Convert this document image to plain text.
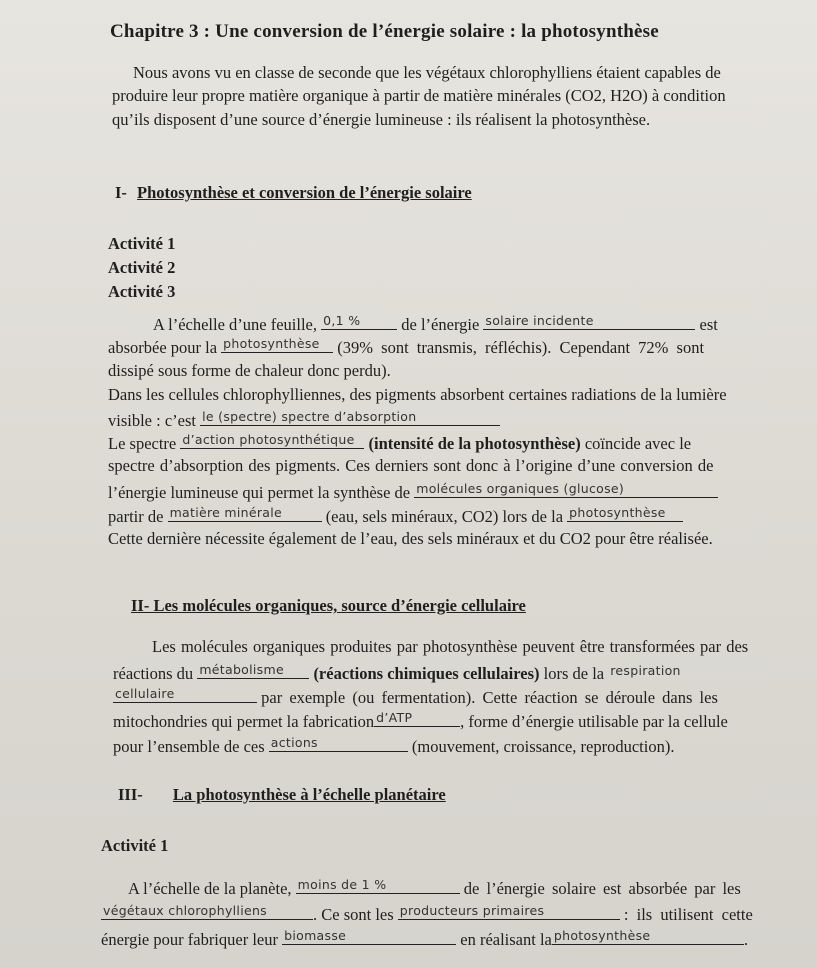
Chapitre 3 : Une conversion de l’énergie solaire : la photosynthèse
Nous avons vu en classe de seconde que les végétaux chlorophylliens étaient capables de
produire leur propre matière organique à partir de matière minérales (CO2, H2O) à condition
qu’ils disposent d’une source d’énergie lumineuse : ils réalisent la photosynthèse.
I- Photosynthèse et conversion de l’énergie solaire
Activité 1
Activité 2
Activité 3
A l’échelle d’une feuille, 0,1 % de l’énergie solaire incidente	est
absorbée pour la photosynthèse (39% sont transmis, réfléchis). Cependant 72% sont
dissipé sous forme de chaleur donc perdu).
Dans les cellules chlorophylliennes, des pigments absorbent certaines radiations de la lumière
visible : c’est le (spectre) spectre d’absorption
Le spectre d’action photosynthétique (intensité de la photosynthèse) coïncide avec le
spectre d’absorption des pigments. Ces derniers sont donc à l’origine d’une conversion de
l’énergie lumineuse qui permet la synthèse de molécules organiques (glucose)
partir de matière minérale	(eau, sels minéraux, CO2) lors de la photosynthèse
Cette dernière nécessite également de l’eau, des sels minéraux et du CO2 pour être réalisée.
II- Les molécules organiques, source d’énergie cellulaire
Les molécules organiques produites par photosynthèse peuvent être transformées par des
réactions du métabolisme (réactions chimiques cellulaires) lors de la respiration
cellulaire	par exemple (ou fermentation). Cette réaction se déroule dans les
mitochondries qui permet la fabrication d’ATP	, forme d’énergie utilisable par la cellule
pour l’ensemble de ces actions	(mouvement, croissance, reproduction).
III- La photosynthèse à l’échelle planétaire
Activité 1
A l’échelle de la planète, moins de 1 %	de l’énergie solaire est absorbée par les
végétaux chlorophylliens	. Ce sont les producteurs primaires	: ils utilisent cette
énergie pour fabriquer leur biomasse	en réalisant la photosynthèse	.
